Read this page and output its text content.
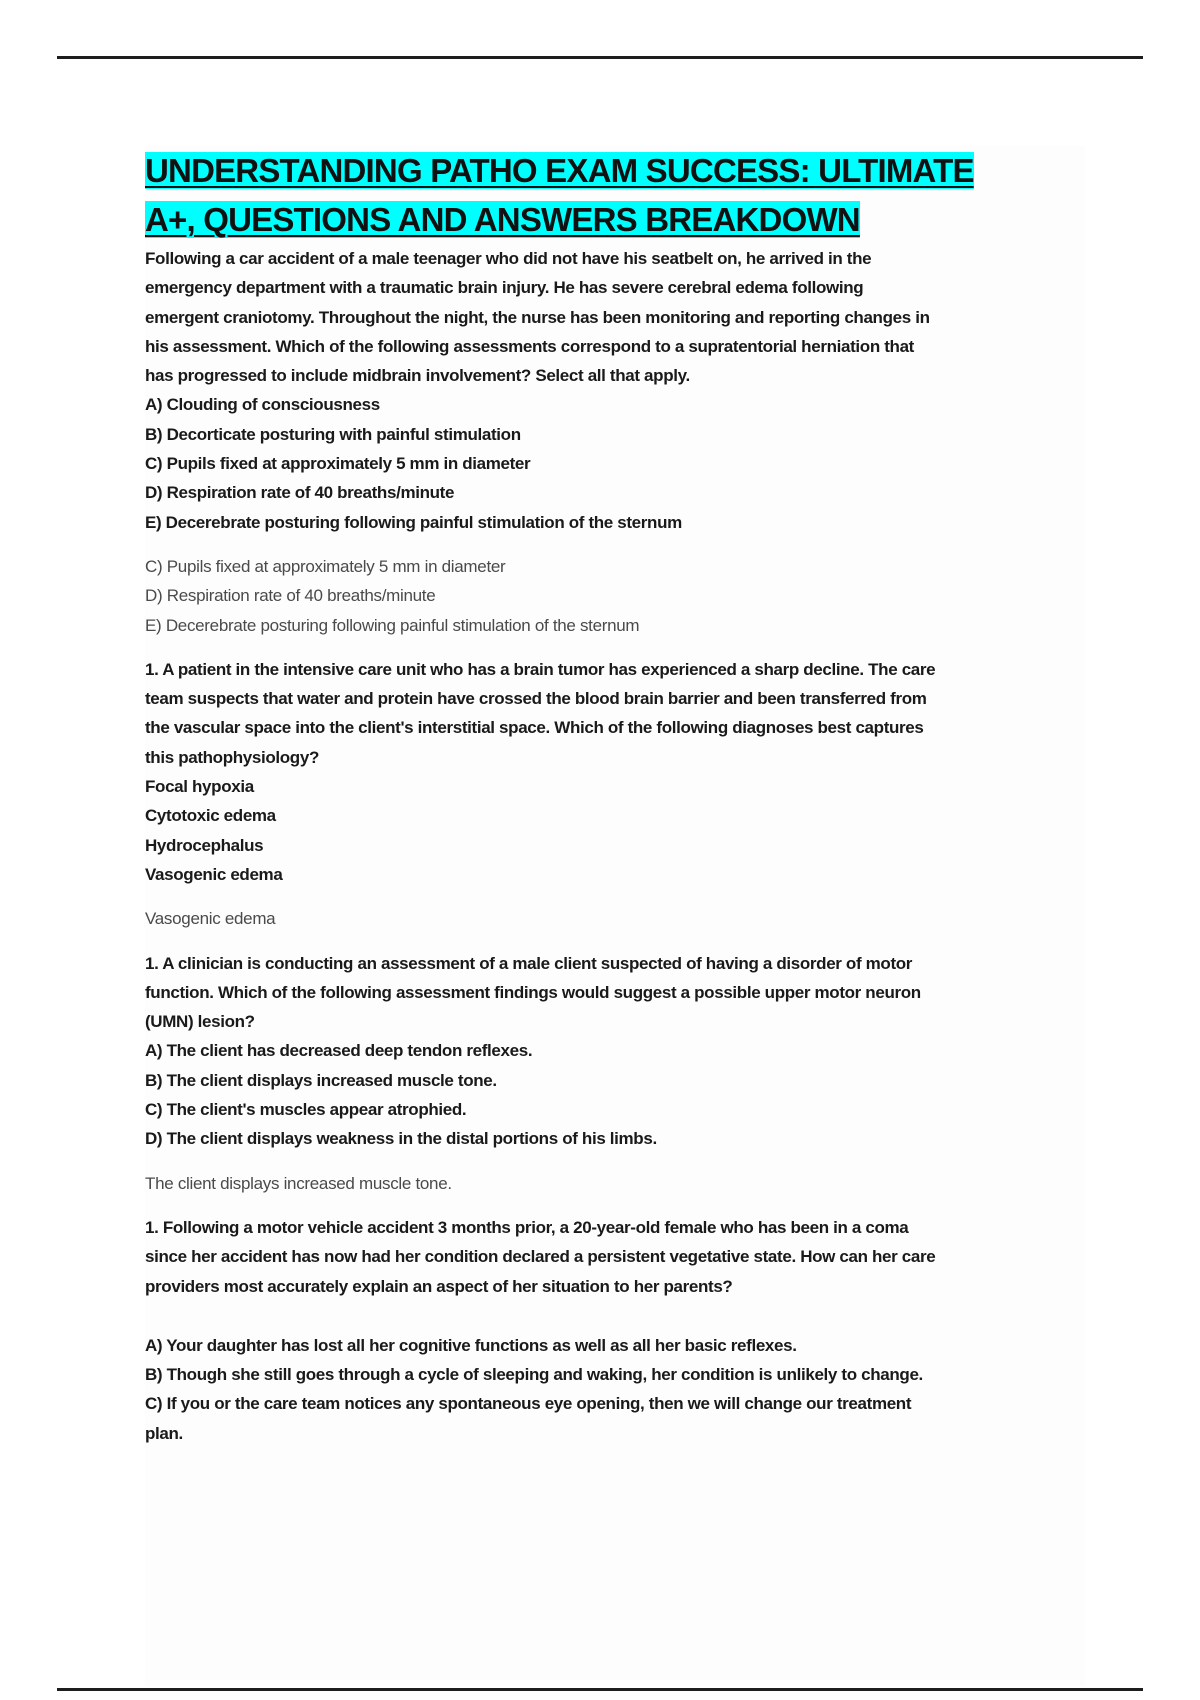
UNDERSTANDING PATHO EXAM SUCCESS: ULTIMATE
A+, QUESTIONS AND ANSWERS BREAKDOWN
Following a car accident of a male teenager who did not have his seatbelt on, he arrived in the
emergency department with a traumatic brain injury. He has severe cerebral edema following
emergent craniotomy. Throughout the night, the nurse has been monitoring and reporting changes in
his assessment. Which of the following assessments correspond to a supratentorial herniation that
has progressed to include midbrain involvement? Select all that apply.
A) Clouding of consciousness
B) Decorticate posturing with painful stimulation
C) Pupils fixed at approximately 5 mm in diameter
D) Respiration rate of 40 breaths/minute
E) Decerebrate posturing following painful stimulation of the sternum
C) Pupils fixed at approximately 5 mm in diameter
D) Respiration rate of 40 breaths/minute
E) Decerebrate posturing following painful stimulation of the sternum
1. A patient in the intensive care unit who has a brain tumor has experienced a sharp decline. The care
team suspects that water and protein have crossed the blood brain barrier and been transferred from
the vascular space into the client's interstitial space. Which of the following diagnoses best captures
this pathophysiology?
Focal hypoxia
Cytotoxic edema
Hydrocephalus
Vasogenic edema
Vasogenic edema
1. A clinician is conducting an assessment of a male client suspected of having a disorder of motor
function. Which of the following assessment findings would suggest a possible upper motor neuron
(UMN) lesion?
A) The client has decreased deep tendon reflexes.
B) The client displays increased muscle tone.
C) The client's muscles appear atrophied.
D) The client displays weakness in the distal portions of his limbs.
The client displays increased muscle tone.
1. Following a motor vehicle accident 3 months prior, a 20-year-old female who has been in a coma
since her accident has now had her condition declared a persistent vegetative state. How can her care
providers most accurately explain an aspect of her situation to her parents?
A) Your daughter has lost all her cognitive functions as well as all her basic reflexes.
B) Though she still goes through a cycle of sleeping and waking, her condition is unlikely to change.
C) If you or the care team notices any spontaneous eye opening, then we will change our treatment
plan.
